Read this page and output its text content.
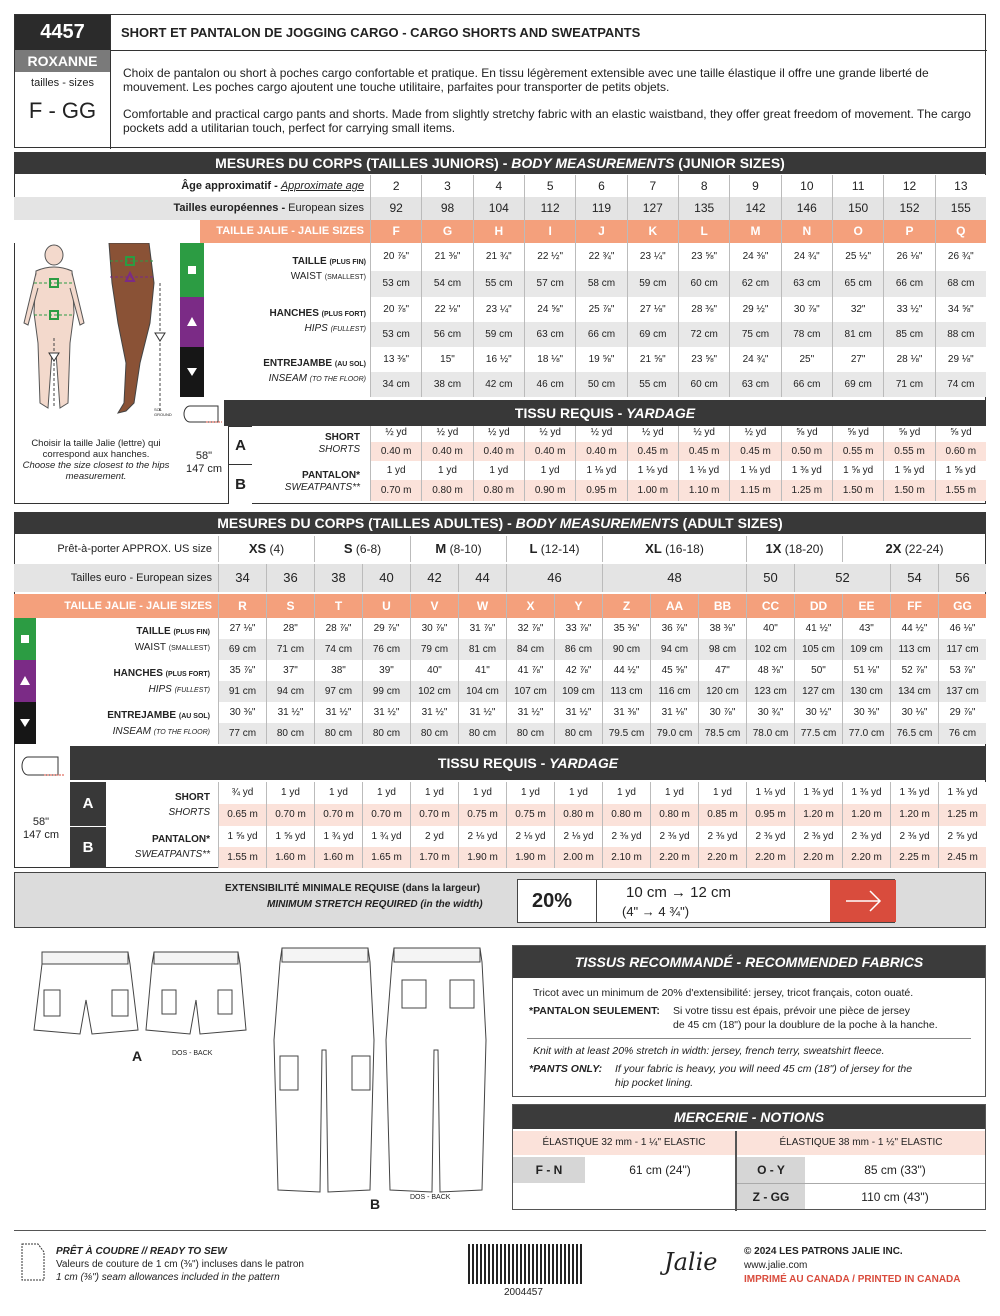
4457
ROXANNE
tailles - sizes
F - GG
SHORT ET PANTALON DE JOGGING CARGO - CARGO SHORTS AND SWEATPANTS
Choix de pantalon ou short à poches cargo confortable et pratique. En tissu légèrement extensible avec une taille élastique il offre une grande liberté de mouvement. Les poches cargo ajoutent une touche utilitaire, parfaites pour transporter de petits objets.
Comfortable and practical cargo pants and shorts. Made from slightly stretchy fabric with an elastic waistband, they offer great freedom of movement. The cargo pockets add a utilitarian touch, perfect for carrying small items.
MESURES DU CORPS (TAILLES JUNIORS) - BODY MEASUREMENTS (JUNIOR SIZES)
Âge approximatif - Approximate age
Tailles européennes - European sizes
TAILLE JALIE - JALIE SIZES
2	3	4	5	6	7	8	9	10	11	12	13
92	98	104	112	119	127	135	142	146	150	152	155
F	G	H	I	J	K	L	M	N	O	P	Q
20 ⅞"	21 ⅜"	21 ¾"	22 ½"	22 ¾"	23 ¼"	23 ⅝"	24 ⅜"	24 ¾"	25 ½"	26 ⅛"	26 ¾"
53 cm	54 cm	55 cm	57 cm	58 cm	59 cm	60 cm	62 cm	63 cm	65 cm	66 cm	68 cm
20 ⅞"	22 ⅛"	23 ¼"	24 ⅝"	25 ⅞"	27 ⅛"	28 ⅜"	29 ½"	30 ⅞"	32"	33 ½"	34 ⅝"
53 cm	56 cm	59 cm	63 cm	66 cm	69 cm	72 cm	75 cm	78 cm	81 cm	85 cm	88 cm
13 ⅜"	15"	16 ½"	18 ⅛"	19 ⅝"	21 ⅝"	23 ⅝"	24 ¾"	25"	27"	28 ⅛"	29 ⅛"
34 cm	38 cm	42 cm	46 cm	50 cm	55 cm	60 cm	63 cm	66 cm	69 cm	71 cm	74 cm
½ yd	½ yd	½ yd	½ yd	½ yd	½ yd	½ yd	½ yd	⅝ yd	⅝ yd	⅝ yd	⅝ yd
0.40 m	0.40 m	0.40 m	0.40 m	0.40 m	0.45 m	0.45 m	0.45 m	0.50 m	0.55 m	0.55 m	0.60 m
1 yd	1 yd	1 yd	1 yd	1 ⅛ yd	1 ⅛ yd	1 ⅛ yd	1 ⅛ yd	1 ⅜ yd	1 ⅝ yd	1 ⅝ yd	1 ⅝ yd
0.70 m	0.80 m	0.80 m	0.90 m	0.95 m	1.00 m	1.10 m	1.15 m	1.25 m	1.50 m	1.50 m	1.55 m
SOL GROUND
TAILLE (PLUS FIN)
WAIST (SMALLEST)
HANCHES (PLUS FORT)
HIPS (FULLEST)
ENTREJAMBE (AU SOL)
INSEAM (TO THE FLOOR)
TISSU REQUIS - YARDAGE
Choisir la taille Jalie (lettre) qui correspond aux hanches.
Choose the size closest to the hips measurement.
58"
147 cm
A
B
SHORT
SHORTS
PANTALON*
SWEATPANTS**
MESURES DU CORPS (TAILLES ADULTES) - BODY MEASUREMENTS (ADULT SIZES)
Prêt-à-porter APPROX. US size	XS (4)	S (6-8)	M (8-10)	L (12-14)	XL (16-18)	1X (18-20)	2X (22-24)
Tailles euro - European sizes	34	36	38	40	42	44	46	48	50	52	54	56
TAILLE JALIE - JALIE SIZES	R	S	T	U	V	W	X	Y	Z	AA	BB	CC	DD	EE	FF	GG
27 ⅛"	28"	28 ⅞"	29 ⅞"	30 ⅞"	31 ⅞"	32 ⅞"	33 ⅞"	35 ⅜"	36 ⅞"	38 ⅜"	40"	41 ½"	43"	44 ½"	46 ⅛"
69 cm	71 cm	74 cm	76 cm	79 cm	81 cm	84 cm	86 cm	90 cm	94 cm	98 cm	102 cm	105 cm	109 cm	113 cm	117 cm
35 ⅞"	37"	38"	39"	40"	41"	41 ⅞"	42 ⅞"	44 ½"	45 ⅝"	47"	48 ⅜"	50"	51 ⅛"	52 ⅞"	53 ⅞"
91 cm	94 cm	97 cm	99 cm	102 cm	104 cm	107 cm	109 cm	113 cm	116 cm	120 cm	123 cm	127 cm	130 cm	134 cm	137 cm
30 ⅜"	31 ½"	31 ½"	31 ½"	31 ½"	31 ½"	31 ½"	31 ½"	31 ⅜"	31 ⅛"	30 ⅞"	30 ¾"	30 ½"	30 ⅜"	30 ⅛"	29 ⅞"
77 cm	80 cm	80 cm	80 cm	80 cm	80 cm	80 cm	80 cm	79.5 cm	79.0 cm	78.5 cm	78.0 cm	77.5 cm	77.0 cm	76.5 cm	76 cm
TAILLE (PLUS FIN)
WAIST (SMALLEST)
HANCHES (PLUS FORT)
HIPS (FULLEST)
ENTREJAMBE (AU SOL)
INSEAM (TO THE FLOOR)
TISSU REQUIS - YARDAGE
58"
147 cm
A
B
SHORT
SHORTS
PANTALON*
SWEATPANTS**
¾ yd	1 yd	1 yd	1 yd	1 yd	1 yd	1 yd	1 yd	1 yd	1 yd	1 yd	1 ⅛ yd	1 ⅜ yd	1 ⅜ yd	1 ⅜ yd	1 ⅜ yd
0.65 m	0.70 m	0.70 m	0.70 m	0.70 m	0.75 m	0.75 m	0.80 m	0.80 m	0.80 m	0.85 m	0.95 m	1.20 m	1.20 m	1.20 m	1.25 m
1 ⅝ yd	1 ⅝ yd	1 ¾ yd	1 ¾ yd	2 yd	2 ⅛ yd	2 ⅛ yd	2 ⅛ yd	2 ⅜ yd	2 ⅜ yd	2 ⅜ yd	2 ⅜ yd	2 ⅜ yd	2 ⅜ yd	2 ⅜ yd	2 ⅝ yd
1.55 m	1.60 m	1.60 m	1.65 m	1.70 m	1.90 m	1.90 m	2.00 m	2.10 m	2.20 m	2.20 m	2.20 m	2.20 m	2.20 m	2.25 m	2.45 m
EXTENSIBILITÉ MINIMALE REQUISE (dans la largeur)
MINIMUM STRETCH REQUIRED (in the width) 20%	10 cm → 12 cm
(4" → 4 ¾")
A	DOS - BACK
B	DOS - BACK
TISSUS RECOMMANDÉ - RECOMMENDED FABRICS
Tricot avec un minimum de 20% d'extensibilité: jersey, tricot français, coton ouaté.
*PANTALON SEULEMENT: Si votre tissu est épais, prévoir une pièce de jersey
de 45 cm (18") pour la doublure de la poche à la hanche.
Knit with at least 20% stretch in width: jersey, french terry, sweatshirt fleece.
*PANTS ONLY: If your fabric is heavy, you will need 45 cm (18") of jersey for the
hip pocket lining.
MERCERIE - NOTIONS
ÉLASTIQUE 32 mm - 1 ¼" ELASTIC	ÉLASTIQUE 38 mm - 1 ½" ELASTIC
F - N	61 cm (24")	O - Y	85 cm (33")
Z - GG	110 cm (43")
PRÊT À COUDRE // READY TO SEW
Valeurs de couture de 1 cm (⅜") incluses dans le patron
1 cm (⅜") seam allowances included in the pattern
2004457
Jalie	© 2024 LES PATRONS JALIE INC.
www.jalie.com
IMPRIMÉ AU CANADA / PRINTED IN CANADA
